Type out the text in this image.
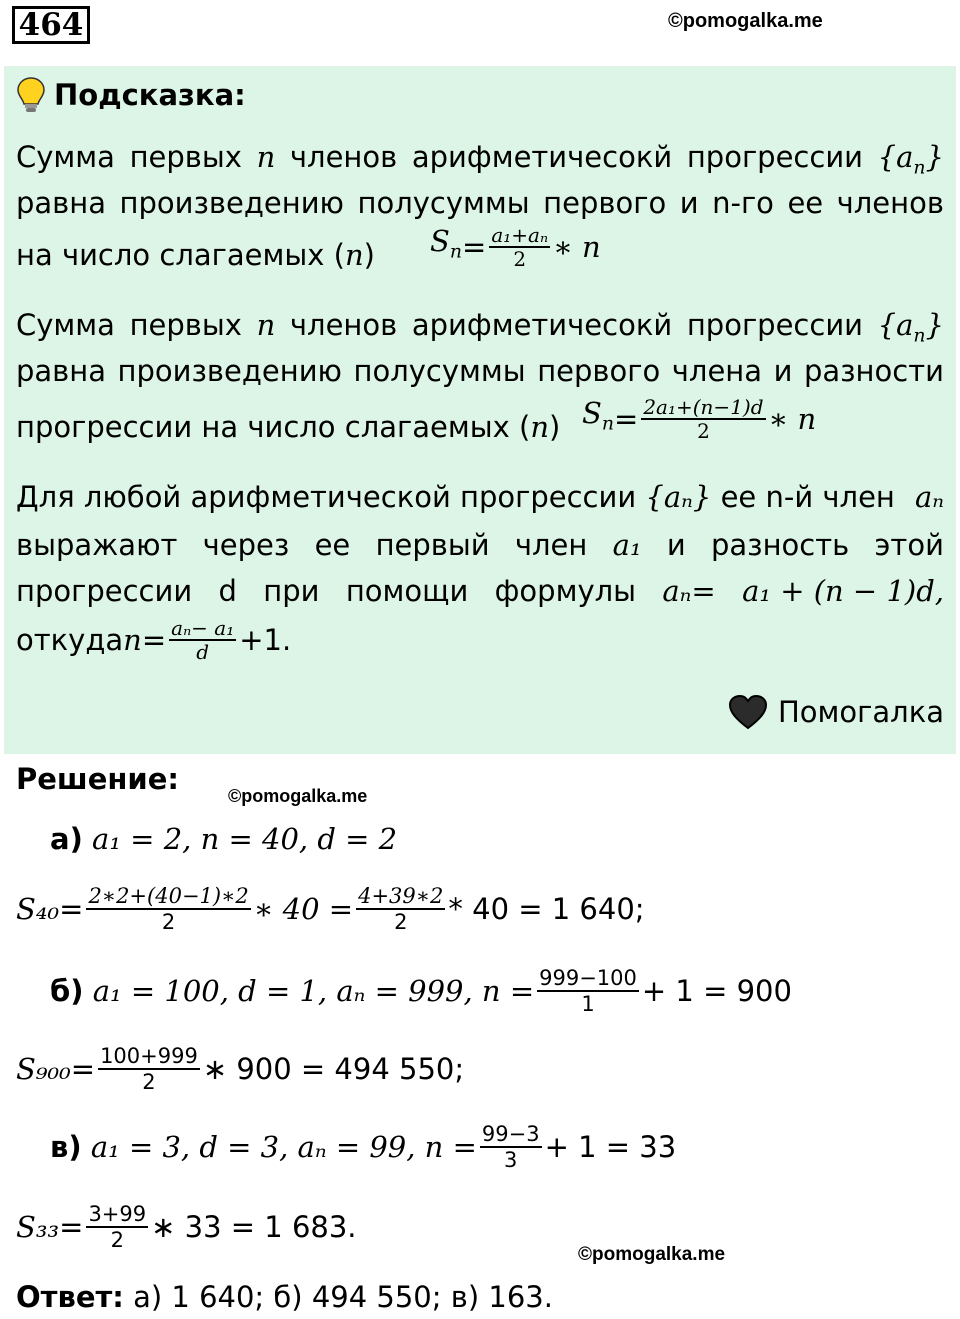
464	©pomogalka.me
Подсказка:
Сумма первых n членов арифметичесокй прогрессии $\{a_n\}$
равна произведению полусуммы первого и n-го ее членов
на число слагаемых (n) $S_n = \frac{\text{a₁+aₙ}}{2}$ ∗ n
Сумма первых n членов арифметичесокй прогрессии $\{a_n\}$
равна произведению полусуммы первого члена и разности
прогрессии на число слагаемых (n) $S_n = \frac{\text{2a₁+(n−1)d}}{2}$ ∗ n
Для любой арифметической прогрессии {aₙ} ее n-й член aₙ
выражают через ее первый член a₁ и разность этой
прогрессии d при помощи формулы aₙ= a₁ + (n − 1)d,
откуда $n = \frac{\text{aₙ− a₁}}{d} +1$.
Помогалка
Решение:	©pomogalka.me
а) a₁ = 2, n = 40, d = 2
$S_{40} = \frac{2∗2+(40-1)∗2}{2}$ ∗ $40 = \frac{4+39∗2}{2} * 40 = 1$ 640;
б)
a₁ = 100, d = 1, aₙ = 999, $n = \frac{999-100}{1} + 1 = 900$
$S_{900} = \frac{100+999}{2}$ ∗ 900 = 494 550;
в)
a₁ = 3, d = 3, aₙ = 99, $n = \frac{99-3}{3} + 1 = 33$
$S_{33} = \frac{3+99}{2}$ ∗ 33 = 1 683.
©pomogalka.me
Ответ: а) 1 640; б) 494 550; в) 163.
